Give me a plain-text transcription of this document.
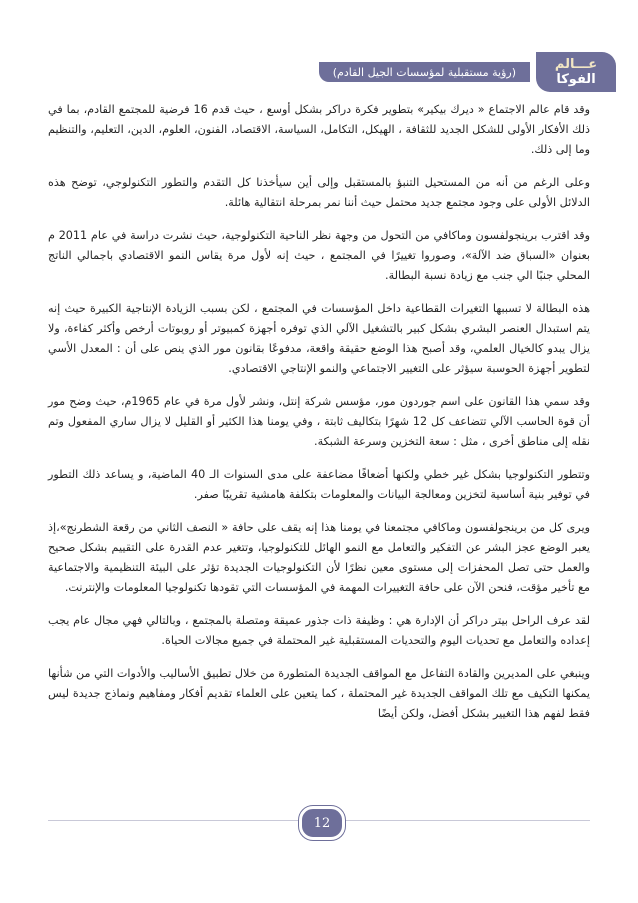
عـــالم
الفوكا
(رؤية مستقبلية لمؤسسات الجيل القادم)

وقد قام عالم الاجتماع « ديرك بيكير» بتطوير فكرة دراكر بشكل أوسع ، حيث قدم 16 فرضية للمجتمع القادم، بما في ذلك الأفكار الأولى للشكل الجديد للثقافة ، الهيكل، التكامل، السياسة، الاقتصاد، الفنون، العلوم، الدين، التعليم، والتنظيم وما إلى ذلك.

وعلى الرغم من أنه من المستحيل التنبؤ بالمستقبل وإلى أين سيأخذنا كل التقدم والتطور التكنولوجي، توضح هذه الدلائل الأولى على وجود مجتمع جديد محتمل حيث أننا نمر بمرحلة انتقالية هائلة.

وقد اقترب برينجولفسون وماكافي من التحول من وجهة نظر الناحية التكنولوجية، حيث نشرت دراسة في عام 2011 م بعنوان «السباق ضد الآلة»، وصوروا تغييرًا في المجتمع ، حيث إنه لأول مرة يقاس النمو الاقتصادي باجمالي الناتج المحلي جنبًا الي جنب مع زيادة نسبة البطالة.

هذه البطالة لا تسببها التغيرات القطاعية داخل المؤسسات في المجتمع ، لكن بسبب الزيادة الإنتاجية الكبيرة حيث إنه يتم استبدال العنصر البشري بشكل كبير بالتشغيل الآلي الذي توفره أجهزة كمبيوتر أو روبوتات أرخص وأكثر كفاءة، ولا يزال يبدو كالخيال العلمي، وقد أصبح هذا الوضع حقيقة واقعة، مدفوعًا بقانون مور الذي ينص على أن : المعدل الأسي لتطوير أجهزة الحوسبة سيؤثر على التغيير الاجتماعي والنمو الإنتاجي الاقتصادي.

وقد سمي هذا القانون على اسم جوردون مور، مؤسس شركة إنتل، ونشر لأول مرة في عام 1965م، حيث وضح مور أن قوة الحاسب الآلي تتضاعف كل 12 شهرًا بتكاليف ثابتة ، وفي يومنا هذا الكثير أو القليل لا يزال ساري المفعول وتم نقله إلى مناطق أخرى ، مثل : سعة التخزين وسرعة الشبكة.

وتتطور التكنولوجيا بشكل غير خطي ولكنها أضعافًا مضاعفة على مدى السنوات الـ 40 الماضية، و يساعد ذلك التطور في توفير بنية أساسية لتخزين ومعالجة البيانات والمعلومات بتكلفة هامشية تقريبًا صفر.

ويرى كل من برينجولفسون وماكافي مجتمعنا في يومنا هذا إنه يقف على حافة « النصف الثاني من رقعة الشطرنج»،إذ يعبر الوضع عجز البشر عن التفكير والتعامل مع النمو الهائل للتكنولوجيا، وتتغير عدم القدرة على التقييم بشكل صحيح والعمل حتى تصل المحفزات إلى مستوى معين نظرًا لأن التكنولوجيات الجديدة تؤثر على البيئة التنظيمية والاجتماعية مع تأخير مؤقت، فنحن الآن على حافة التغييرات المهمة في المؤسسات التي تقودها تكنولوجيا المعلومات والإنترنت.

لقد عرف الراحل بيتر دراكر أن الإدارة هي : وظيفة ذات جذور عميقة ومتصلة بالمجتمع ، وبالتالي فهي مجال عام يجب إعداده والتعامل مع تحديات اليوم والتحديات المستقبلية غير المحتملة في جميع مجالات الحياة.

وينبغي على المديرين والقادة التفاعل مع المواقف الجديدة المتطورة من خلال تطبيق الأساليب والأدوات التي من شأنها يمكنها التكيف مع تلك المواقف الجديدة غير المحتملة ، كما يتعين على العلماء تقديم أفكار ومفاهيم ونماذج جديدة ليس فقط لفهم هذا التغيير بشكل أفضل، ولكن أيضًا

12
